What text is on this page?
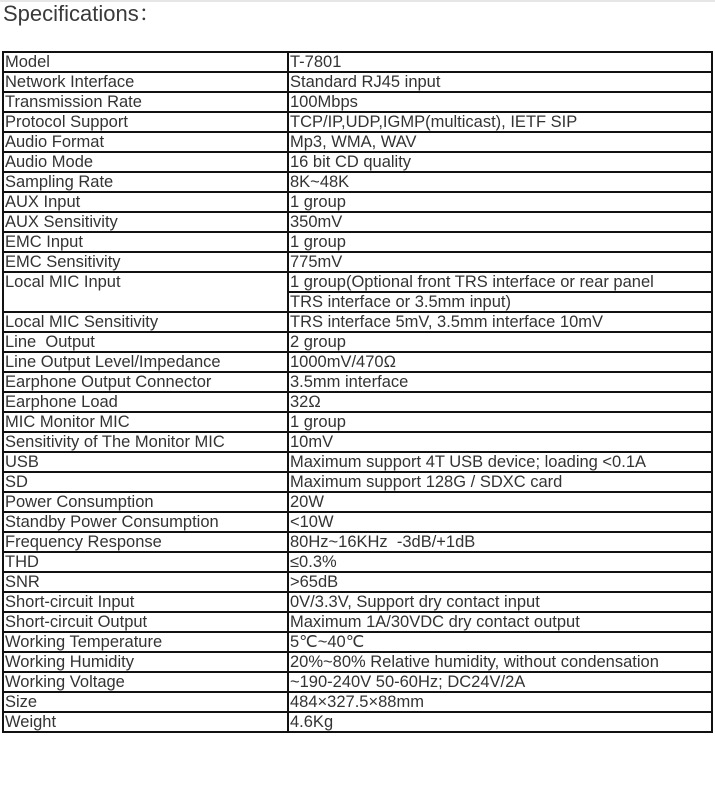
Specifications：
Model	T-7801
Network Interface	Standard RJ45 input
Transmission Rate	100Mbps
Protocol Support	TCP/IP,UDP,IGMP(multicast), IETF SIP
Audio Format	Mp3, WMA, WAV
Audio Mode	16 bit CD quality
Sampling Rate	8K~48K
AUX Input	1 group
AUX Sensitivity	350mV
EMC Input	1 group
EMC Sensitivity	775mV
Local MIC Input	1 group(Optional front TRS interface or rear panel
	TRS interface or 3.5mm input)
Local MIC Sensitivity	TRS interface 5mV, 3.5mm interface 10mV
Line  Output	2 group
Line Output Level/Impedance	1000mV/470Ω
Earphone Output Connector	3.5mm interface
Earphone Load	32Ω
MIC Monitor MIC	1 group
Sensitivity of The Monitor MIC	10mV
USB	Maximum support 4T USB device; loading <0.1A
SD	Maximum support 128G / SDXC card
Power Consumption	20W
Standby Power Consumption	<10W
Frequency Response	80Hz~16KHz  -3dB/+1dB
THD	≤0.3%
SNR	>65dB
Short-circuit Input	0V/3.3V, Support dry contact input
Short-circuit Output	Maximum 1A/30VDC dry contact output
Working Temperature	5℃~40℃
Working Humidity	20%~80% Relative humidity, without condensation
Working Voltage	~190-240V 50-60Hz; DC24V/2A
Size	484×327.5×88mm
Weight	4.6Kg
